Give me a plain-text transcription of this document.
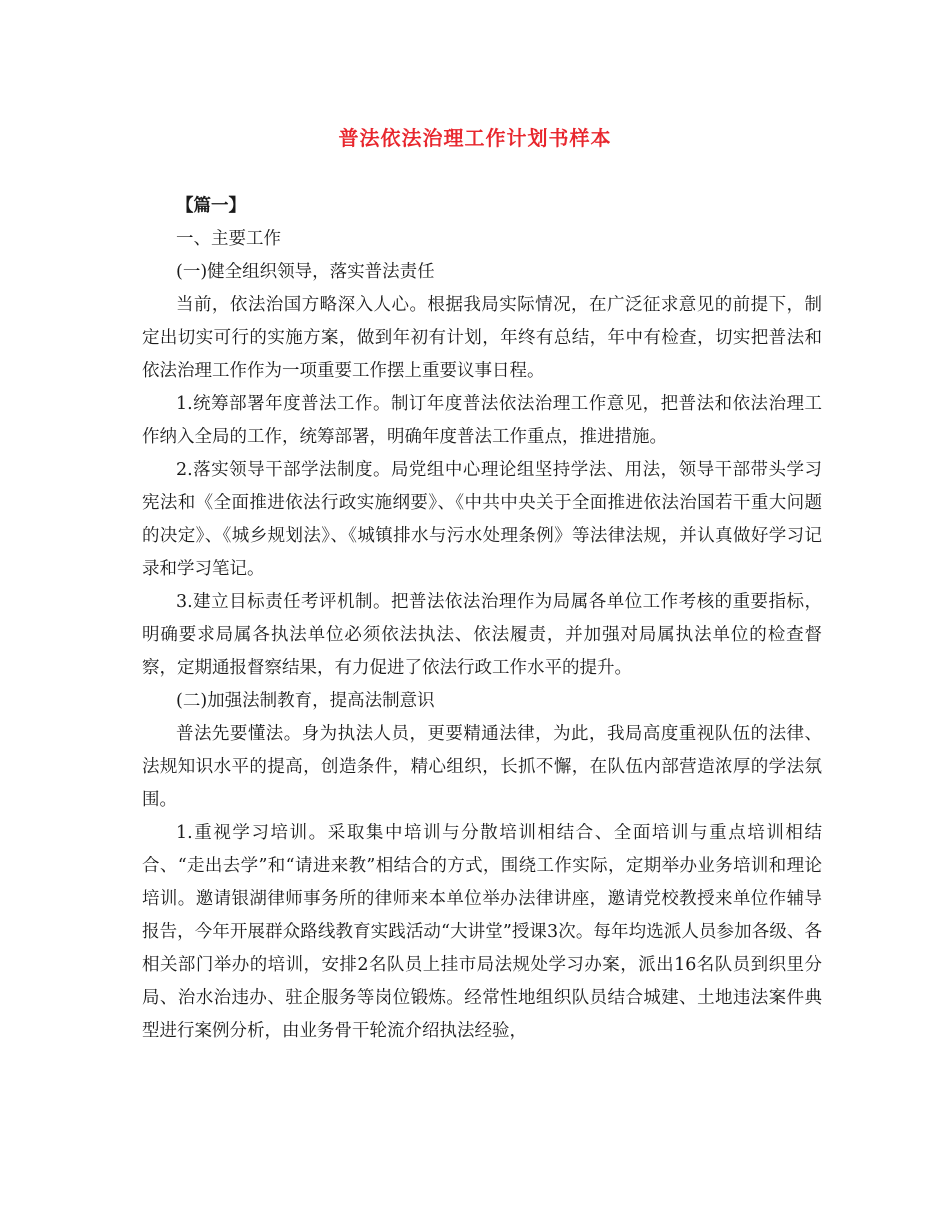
普法依法治理工作计划书样本

【篇一】

一、主要工作

(一)健全组织领导，落实普法责任

当前，依法治国方略深入人心。根据我局实际情况，在广泛征求意见的前提下，制定出切实可行的实施方案，做到年初有计划，年终有总结，年中有检查，切实把普法和依法治理工作作为一项重要工作摆上重要议事日程。

1.统筹部署年度普法工作。制订年度普法依法治理工作意见，把普法和依法治理工作纳入全局的工作，统筹部署，明确年度普法工作重点，推进措施。

2.落实领导干部学法制度。局党组中心理论组坚持学法、用法，领导干部带头学习宪法和《全面推进依法行政实施纲要》、《中共中央关于全面推进依法治国若干重大问题的决定》、《城乡规划法》、《城镇排水与污水处理条例》等法律法规，并认真做好学习记录和学习笔记。

3.建立目标责任考评机制。把普法依法治理作为局属各单位工作考核的重要指标，明确要求局属各执法单位必须依法执法、依法履责，并加强对局属执法单位的检查督察，定期通报督察结果，有力促进了依法行政工作水平的提升。

(二)加强法制教育，提高法制意识

普法先要懂法。身为执法人员，更要精通法律，为此，我局高度重视队伍的法律、法规知识水平的提高，创造条件，精心组织，长抓不懈，在队伍内部营造浓厚的学法氛围。

1.重视学习培训。采取集中培训与分散培训相结合、全面培训与重点培训相结合、“走出去学”和“请进来教”相结合的方式，围绕工作实际，定期举办业务培训和理论培训。邀请银湖律师事务所的律师来本单位举办法律讲座，邀请党校教授来单位作辅导报告，今年开展群众路线教育实践活动“大讲堂”授课3次。每年均选派人员参加各级、各相关部门举办的培训，安排2名队员上挂市局法规处学习办案，派出16名队员到织里分局、治水治违办、驻企服务等岗位锻炼。经常性地组织队员结合城建、土地违法案件典型进行案例分析，由业务骨干轮流介绍执法经验，
